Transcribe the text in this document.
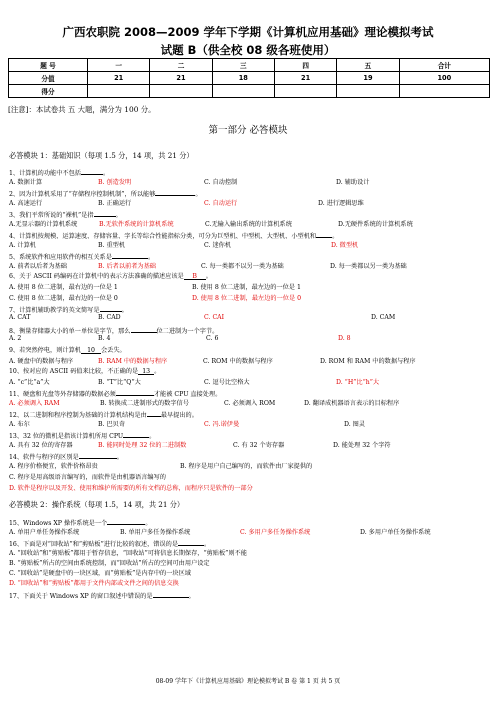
广西农职院 2008—2009 学年下学期《计算机应用基础》理论模拟考试
试题 B（供全校 08 级各班使用）
题 号	一	二	三	四	五	合计
分值	21	21	18	21	19	100
得分						
[注意]：本试卷共 五 大题，满分为 100 分。
第一部分 必答模块
必答模块 1：基础知识（每项 1.5 分，14 项，共 21 分）
1、计算机的功能中不包括	。
A. 数据计算	B. 创造发明	C. 自动控制	D. 辅助设计
2、因为计算机采用了“存储程序控制机制”，所以能够	。
A. 高速运行	B. 正确运行	C. 自动运行	D. 进行逻辑思维
3、我们平常所说的“裸机”是指	。
A.无显示器的计算机系统	B.无软件系统的计算机系统	C.无输入输出系统的计算机系统	D.无硬件系统的计算机系统
4、计算机按规模、运算速度、存储容量、字长等综合性能指标分类，可分为巨型机、中型机、大型机、小型机和	。
A. 计算机	B. 重型机	C. 迷你机	D. 微型机
5、系统软件和应用软件的相互关系是	。
A. 前者以后者为基础	B. 后者以前者为基础	C. 每一类都不以另一类为基础	D. 每一类都以另一类为基础
6、关于 ASCII 码编码在计算机中的表示方法准确的描述应该是 B 。
A. 使用 8 位二进制，最右边的一位是 1	B. 使用 8 位二进制，最左边的一位是 1
C. 使用 8 位二进制，最右边的一位是 0	D. 使用 8 位二进制，最左边的一位是 0
7、计算机辅助教学的英文简写是	。
A. CAT	B. CAD	C. CAI	D. CAM
8、衡量存储器大小的单一单位是字节，那么	位二进制为一个字节。
A. 2	B. 4	C. 6	D. 8
9、若突然停电，则计算机 10 会丢失。
A. 硬盘中的数据与程序	B. RAM 中的数据与程序	C. ROM 中的数据与程序	D. ROM 和 RAM 中的数据与程序
10、按对应的 ASCII 码值来比较，不正确的是 13 。
A. “c”比“a”大	B. “T”比“Q”大	C. 逗号比空格大	D. “H”比“h”大
11、硬盘和光盘等外存储器的数据必须	才能被 CPU 直接处理。
A. 必须调入 RAM	B. 转换成二进制形式的数字信号	C. 必须调入 ROM	D. 翻译成机器语言表示的目标程序
12、以二进制和程序控制为基础的计算机结构是由 最早提出的。
A. 布尔	B. 巴贝奇	C. 冯.诺伊曼	D. 图灵
13、32 位的微机是指该计算机所用 CPU	。
A. 具有 32 位的寄存器	B. 能同时处理 32 位的二进制数	C. 有 32 个寄存器	D. 能处理 32 个字符
14、软件与程序的区别是	。
A. 程序价格便宜，软件价格昂贵	B. 程序是用户自己编写的，而软件由厂家提供的
C. 程序是用高级语言编写的，而软件是由机器语言编写的
D. 软件是程序以及开发、使用和维护所需要的所有文档的总称，而程序只是软件的一部分
必答模块 2：操作系统（每项 1.5，14 项，共 21 分）
15、Windows XP 操作系统是一个	。
A. 单用户单任务操作系统	B. 单用户多任务操作系统	C. 多用户多任务操作系统	D. 多用户单任务操作系统
16、下面是对“回收站”和“剪贴板”进行比较的叙述，错误的是	。
A. “回收站”和“剪贴板”都用于暂存信息，“回收站”可将信息长期保存，“剪贴板”则不能
B. “剪贴板”所占的空间由系统控制，而“回收站”所占的空间可由用户设定
C. “回收站”是硬盘中的一块区域，而“剪贴板”是内存中的一块区域
D. “回收站”和“剪贴板”都用于文件内部或文件之间的信息交换
17、下面关于 Windows XP 的窗口叙述中错误的是	。
08-09 学年下《计算机应用基础》理论模拟考试 B 卷 第 1 页 共 5 页
